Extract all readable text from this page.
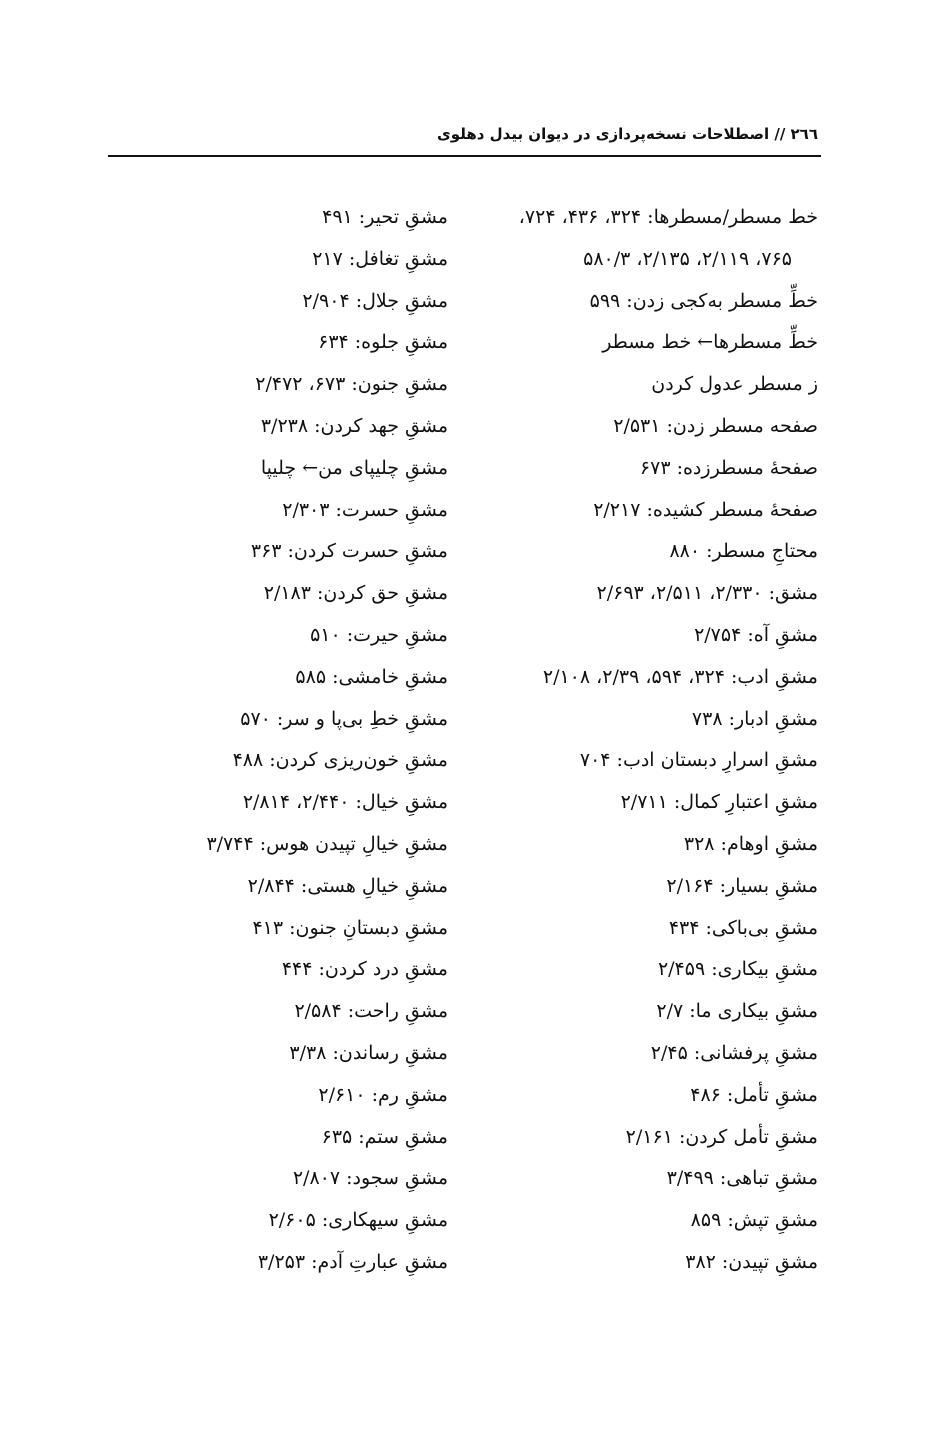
٢٦٦ // اصطلاحات نسخه‌پردازی در دیوان بیدل دهلوی
خط مسطر/مسطرها: ٣٢۴، ۴٣۶، ٧٢۴،
٧۶۵، ٢/١١٩، ٢/١٣۵، ٣/۵٨٠
خطِّ مسطر به‌کجی زدن: ۵٩٩
خطِّ مسطرها← خط مسطر
ز مسطر عدول کردن
صفحه مسطر زدن: ٢/۵٣١
صفحهٔ مسطرزده: ۶٧٣
صفحهٔ مسطر کشیده: ٢/٢١٧
محتاجِ مسطر: ٨٨٠
مشق: ٢/٣٣٠، ٢/۵١١، ٢/۶٩٣
مشقِ آه: ٢/٧۵۴
مشقِ ادب: ٣٢۴، ۵٩۴، ٢/٣٩، ٢/١٠٨
مشقِ ادبار: ٧٣٨
مشقِ اسرارِ دبستان ادب: ٧٠۴
مشقِ اعتبارِ کمال: ٢/٧١١
مشقِ اوهام: ٣٢٨
مشقِ بسیار: ٢/١۶۴
مشقِ بی‌باکی: ۴٣۴
مشقِ بیکاری: ٢/۴۵٩
مشقِ بیکاری ما: ٢/٧
مشقِ پرفشانی: ٢/۴۵
مشقِ تأمل: ۴٨۶
مشقِ تأمل کردن: ٢/١۶١
مشقِ تباهی: ٣/۴٩٩
مشقِ تپش: ٨۵٩
مشقِ تپیدن: ٣٨٢
مشقِ تحیر: ۴٩١
مشقِ تغافل: ٢١٧
مشقِ جلال: ٢/٩٠۴
مشقِ جلوه: ۶٣۴
مشقِ جنون: ۶٧٣، ٢/۴٧٢
مشقِ جهد کردن: ٣/٢٣٨
مشقِ چلیپای من← چلیپا
مشقِ حسرت: ٢/٣٠٣
مشقِ حسرت کردن: ٣۶٣
مشقِ حق کردن: ٢/١٨٣
مشقِ حیرت: ۵١٠
مشقِ خامشی: ۵٨۵
مشقِ خطِ بی‌پا و سر: ۵٧٠
مشقِ خون‌ریزی کردن: ۴٨٨
مشقِ خیال: ٢/۴۴٠، ٢/٨١۴
مشقِ خیالِ تپیدن هوس: ٣/٧۴۴
مشقِ خیالِ هستی: ٢/٨۴۴
مشقِ دبستانِ جنون: ۴١٣
مشقِ درد کردن: ۴۴۴
مشقِ راحت: ٢/۵٨۴
مشقِ رساندن: ٣/٣٨
مشقِ رم: ٢/۶١٠
مشقِ ستم: ۶٣۵
مشقِ سجود: ٢/٨٠٧
مشقِ سیهکاری: ٢/۶٠۵
مشقِ عبارتِ آدم: ٣/٢۵٣
